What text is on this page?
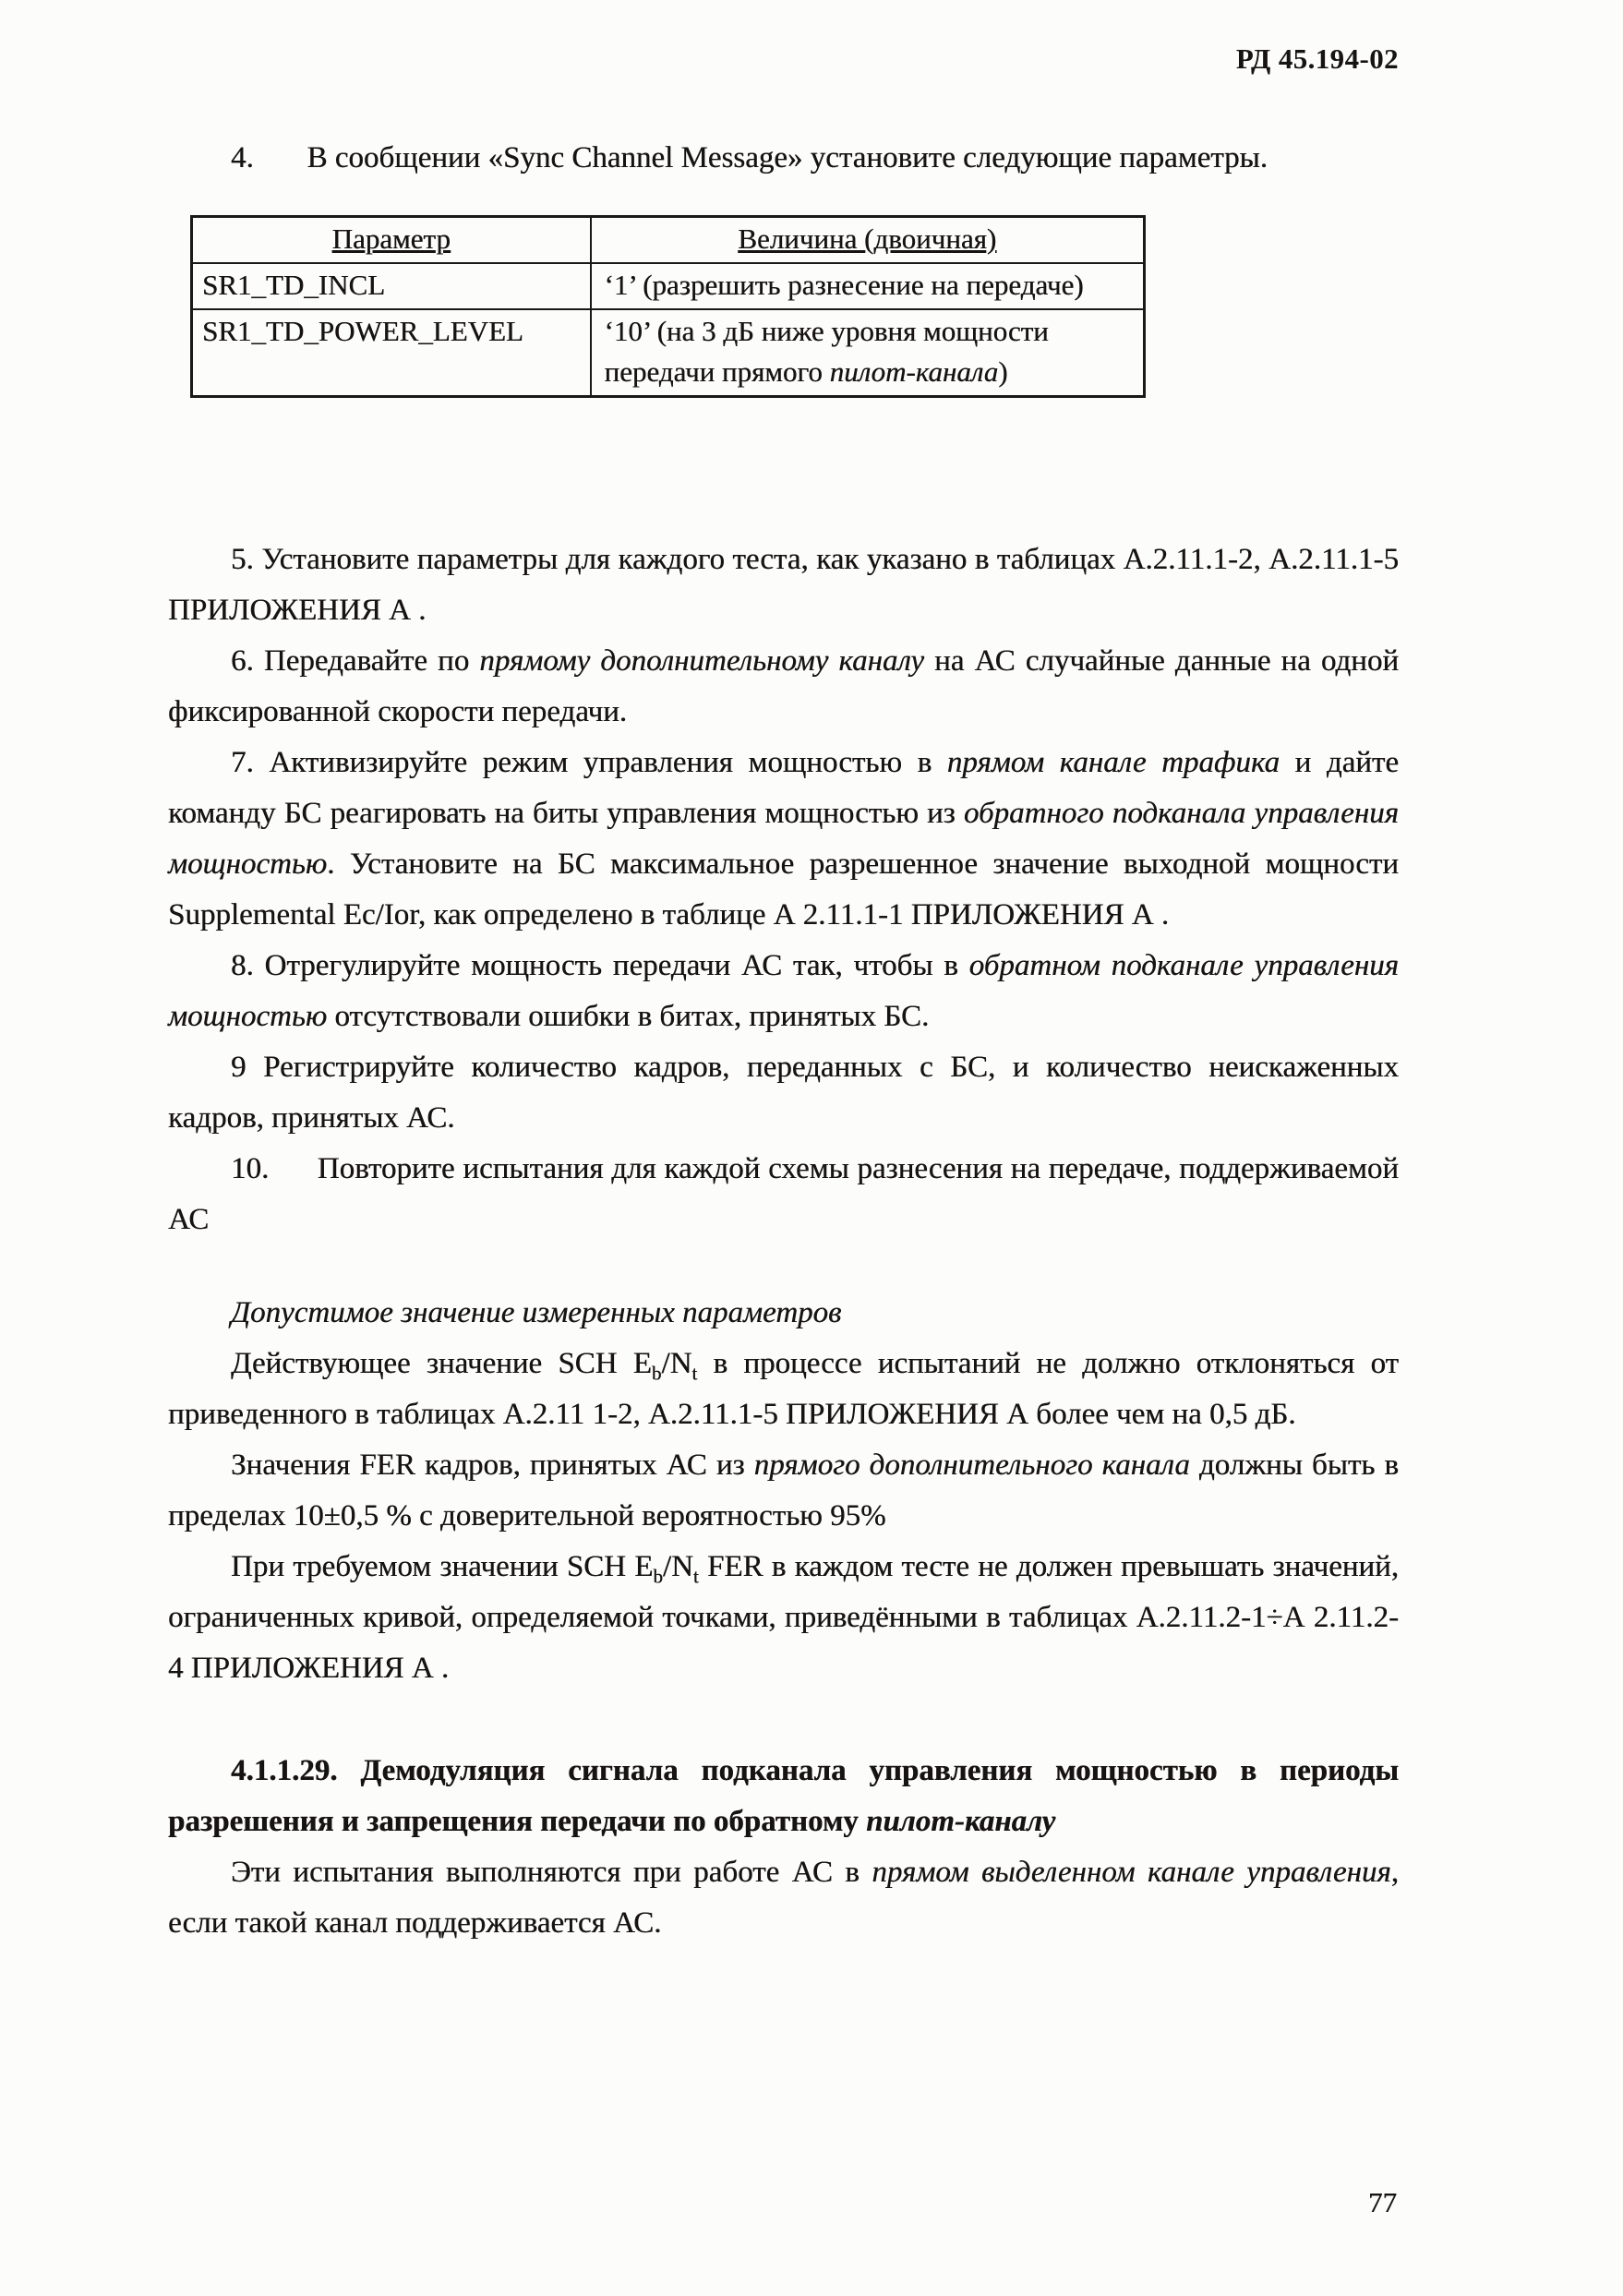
РД 45.194-02

4.       В сообщении «Sync Channel Message» установите следующие параметры.

Параметр	Величина (двоичная)
SR1_TD_INCL	‘1’ (разрешить разнесение на передаче)
SR1_TD_POWER_LEVEL	‘10’ (на 3 дБ ниже уровня мощности
передачи прямого пилот-канала)

5. Установите параметры для каждого теста, как указано в таблицах А.2.11.1-2, А.2.11.1-5 ПРИЛОЖЕНИЯ А .

6. Передавайте по прямому дополнительному каналу на АС случайные данные на одной фиксированной скорости передачи.

7. Активизируйте режим управления мощностью в прямом канале трафика и дайте команду БС реагировать на биты управления мощностью из обратного подканала управления мощностью. Установите на БС максимальное разрешенное значение выходной мощности Supplemental Ec/Ior, как определено в таблице А 2.11.1-1 ПРИЛОЖЕНИЯ А .

8. Отрегулируйте мощность передачи АС так, чтобы в обратном подканале управления мощностью отсутствовали ошибки в битах, принятых БС.

9 Регистрируйте количество кадров, переданных с БС, и количество неискаженных кадров, принятых АС.

10.      Повторите испытания для каждой схемы разнесения на передаче, поддерживаемой АС

Допустимое значение измеренных параметров

Действующее значение SCH $E_b/N_t$ в процессе испытаний не должно отклоняться от приведенного в таблицах А.2.11 1-2, А.2.11.1-5 ПРИЛОЖЕНИЯ А более чем на 0,5 дБ.

Значения FER кадров, принятых АС из прямого дополнительного канала должны быть в пределах 10±0,5 % с доверительной вероятностью 95%

При требуемом значении SCH $E_b/N_t$ FER в каждом тесте не должен превышать значений, ограниченных кривой, определяемой точками, приведёнными в таблицах А.2.11.2-1÷А 2.11.2-4 ПРИЛОЖЕНИЯ А .

4.1.1.29. Демодуляция сигнала подканала управления мощностью в периоды разрешения и запрещения передачи по обратному пилот-каналу

Эти испытания выполняются при работе АС в прямом выделенном канале управления, если такой канал поддерживается АС.

77
